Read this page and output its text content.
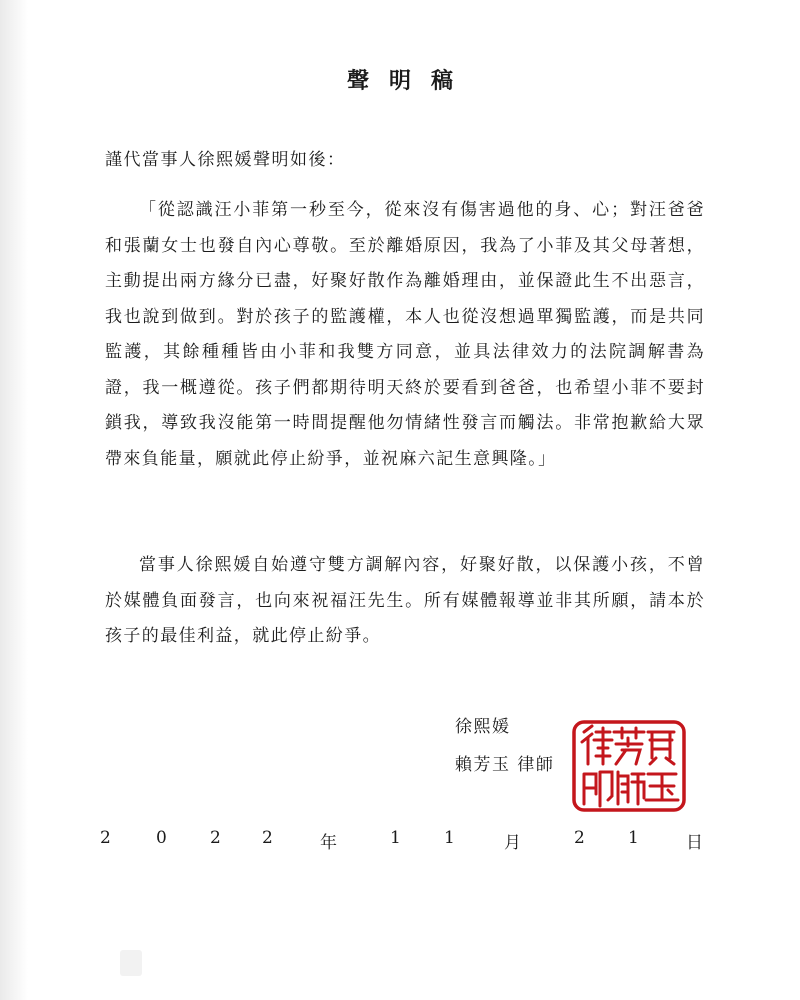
聲明稿
謹代當事人徐熙媛聲明如後：

「從認識汪小菲第一秒至今，從來沒有傷害過他的身、心；對汪爸爸和張蘭女士也發自內心尊敬。至於離婚原因，我為了小菲及其父母著想，主動提出兩方緣分已盡，好聚好散作為離婚理由，並保證此生不出惡言，我也說到做到。對於孩子的監護權，本人也從沒想過單獨監護，而是共同監護，其餘種種皆由小菲和我雙方同意，並具法律效力的法院調解書為證，我一概遵從。孩子們都期待明天終於要看到爸爸，也希望小菲不要封鎖我，導致我沒能第一時間提醒他勿情緒性發言而觸法。非常抱歉給大眾帶來負能量，願就此停止紛爭，並祝麻六記生意興隆。」

當事人徐熙媛自始遵守雙方調解內容，好聚好散，以保護小孩，不曾於媒體負面發言，也向來祝福汪先生。所有媒體報導並非其所願，請本於孩子的最佳利益，就此停止紛爭。

徐熙媛
賴芳玉 律師
2	0	2 2	年	1	1	月	2	1	日
